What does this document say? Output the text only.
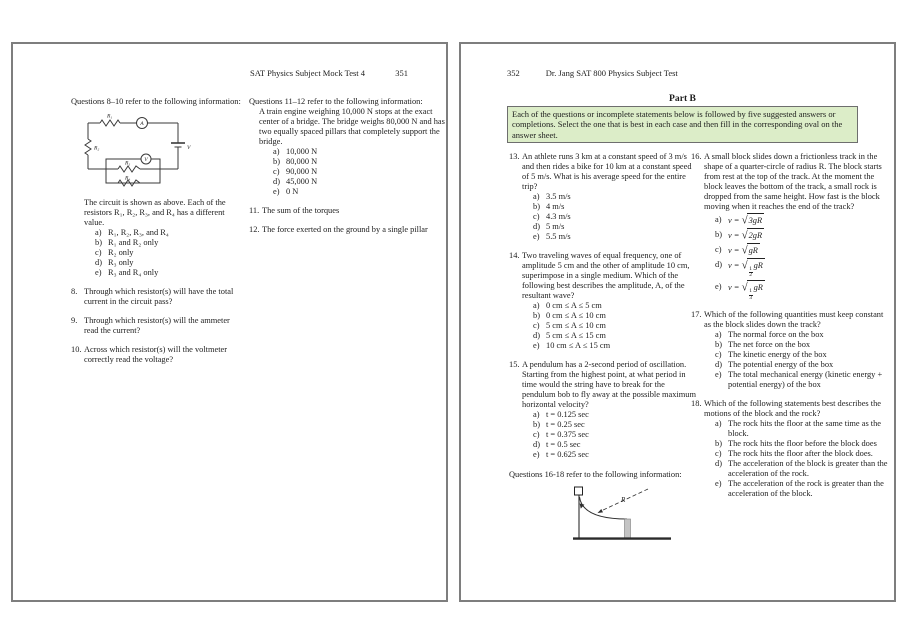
SAT Physics Subject Mock Test 4	351
Questions 8–10 refer to the following information:
R₁
R₂
R₃
R₄
A
V
V
The circuit is shown as above. Each of the resistors R₁, R₂, R₃, and R₄ has a different value.
a) R₁, R₂, R₃, and R₄
b) R₁ and R₂ only
c) R₂ only
d) R₃ only
e) R₃ and R₄ only
8. Through which resistor(s) will have the total current in the circuit pass?
9. Through which resistor(s) will the ammeter read the current?
10. Across which resistor(s) will the voltmeter correctly read the voltage?
Questions 11–12 refer to the following information:
A train engine weighing 10,000 N stops at the exact center of a bridge. The bridge weighs 80,000 N and has two equally spaced pillars that completely support the bridge.
a) 10,000 N
b) 80,000 N
c) 90,000 N
d) 45,000 N
e) 0 N
11. The sum of the torques
12. The force exerted on the ground by a single pillar
352	Dr. Jang SAT 800 Physics Subject Test
Part B
Each of the questions or incomplete statements below is followed by five suggested answers or completions. Select the one that is best in each case and then fill in the corresponding oval on the answer sheet.
13. An athlete runs 3 km at a constant speed of 3 m/s and then rides a bike for 10 km at a constant speed of 5 m/s. What is his average speed for the entire trip?
a) 3.5 m/s
b) 4 m/s
c) 4.3 m/s
d) 5 m/s
e) 5.5 m/s
14. Two traveling waves of equal frequency, one of amplitude 5 cm and the other of amplitude 10 cm, superimpose in a single medium. Which of the following best describes the amplitude, A, of the resultant wave?
a) 0 cm ≤ A ≤ 5 cm
b) 0 cm ≤ A ≤ 10 cm
c) 5 cm ≤ A ≤ 10 cm
d) 5 cm ≤ A ≤ 15 cm
e) 10 cm ≤ A ≤ 15 cm
15. A pendulum has a 2-second period of oscillation. Starting from the highest point, at what period in time would the string have to break for the pendulum bob to fly away at the possible maximum horizontal velocity?
a) t = 0.125 sec
b) t = 0.25 sec
c) t = 0.375 sec
d) t = 0.5 sec
e) t = 0.625 sec
Questions 16-18 refer to the following information:
R
16. A small block slides down a frictionless track in the shape of a quarter-circle of radius R. The block starts from rest at the top of the track. At the moment the block leaves the bottom of the track, a small rock is dropped from the same height. How fast is the block moving when it reaches the end of the track?
a) v = √ 3gR
b) v = √ 2gR
c) v = √ gR
d) v =
√ $\frac{1}{2}$
gR
e) v =
√ $\frac{1}{3}$
gR
17. Which of the following quantities must keep constant as the block slides down the track?
a) The normal force on the box
b) The net force on the box
c) The kinetic energy of the box
d) The potential energy of the box
e) The total mechanical energy (kinetic energy + potential energy) of the box
18. Which of the following statements best describes the motions of the block and the rock?
a) The rock hits the floor at the same time as the block.
b) The rock hits the floor before the block does
c) The rock hits the floor after the block does.
d) The acceleration of the block is greater than the acceleration of the rock.
e) The acceleration of the rock is greater than the acceleration of the block.
